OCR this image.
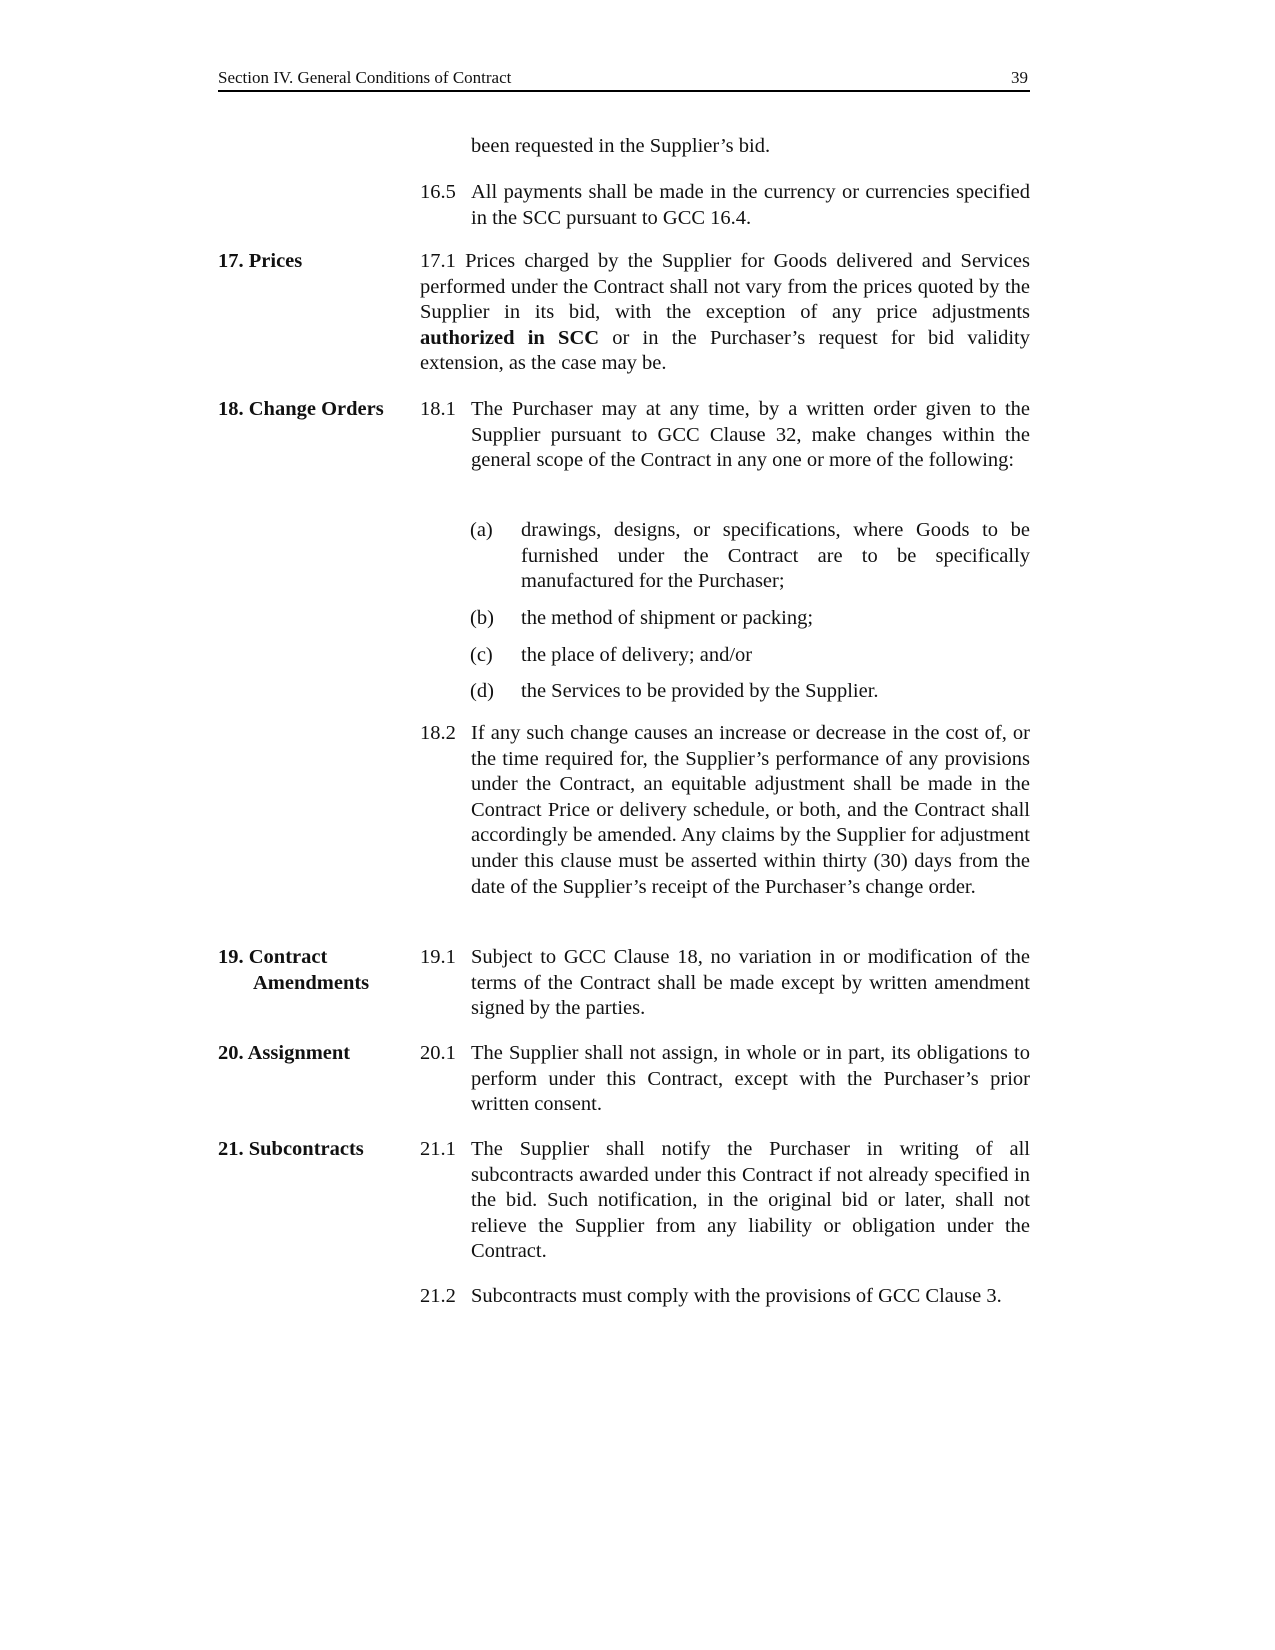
Section IV. General Conditions of Contract	39
been requested in the Supplier’s bid.
16.5 All payments shall be made in the currency or currencies specified in the SCC pursuant to GCC 16.4.
17. Prices	17.1 Prices charged by the Supplier for Goods delivered and Services performed under the Contract shall not vary from the prices quoted by the Supplier in its bid, with the exception of any price adjustments authorized in SCC or in the Purchaser’s request for bid validity extension, as the case may be.
18. Change Orders 18.1 The Purchaser may at any time, by a written order given to the Supplier pursuant to GCC Clause 32, make changes within the general scope of the Contract in any one or more of the following:
(a) drawings, designs, or specifications, where Goods to be furnished under the Contract are to be specifically manufactured for the Purchaser;
(b) the method of shipment or packing;
(c) the place of delivery; and/or
(d) the Services to be provided by the Supplier.
18.2 If any such change causes an increase or decrease in the cost of, or the time required for, the Supplier’s performance of any provisions under the Contract, an equitable adjustment shall be made in the Contract Price or delivery schedule, or both, and the Contract shall accordingly be amended. Any claims by the Supplier for adjustment under this clause must be asserted within thirty (30) days from the date of the Supplier’s receipt of the Purchaser’s change order.
19. Contract
Amendments
19.1 Subject to GCC Clause 18, no variation in or modification of the terms of the Contract shall be made except by written amendment signed by the parties.
20. Assignment	20.1 The Supplier shall not assign, in whole or in part, its obligations to perform under this Contract, except with the Purchaser’s prior written consent.
21. Subcontracts	21.1 The Supplier shall notify the Purchaser in writing of all subcontracts awarded under this Contract if not already specified in the bid. Such notification, in the original bid or later, shall not relieve the Supplier from any liability or obligation under the Contract.
21.2 Subcontracts must comply with the provisions of GCC Clause 3.
